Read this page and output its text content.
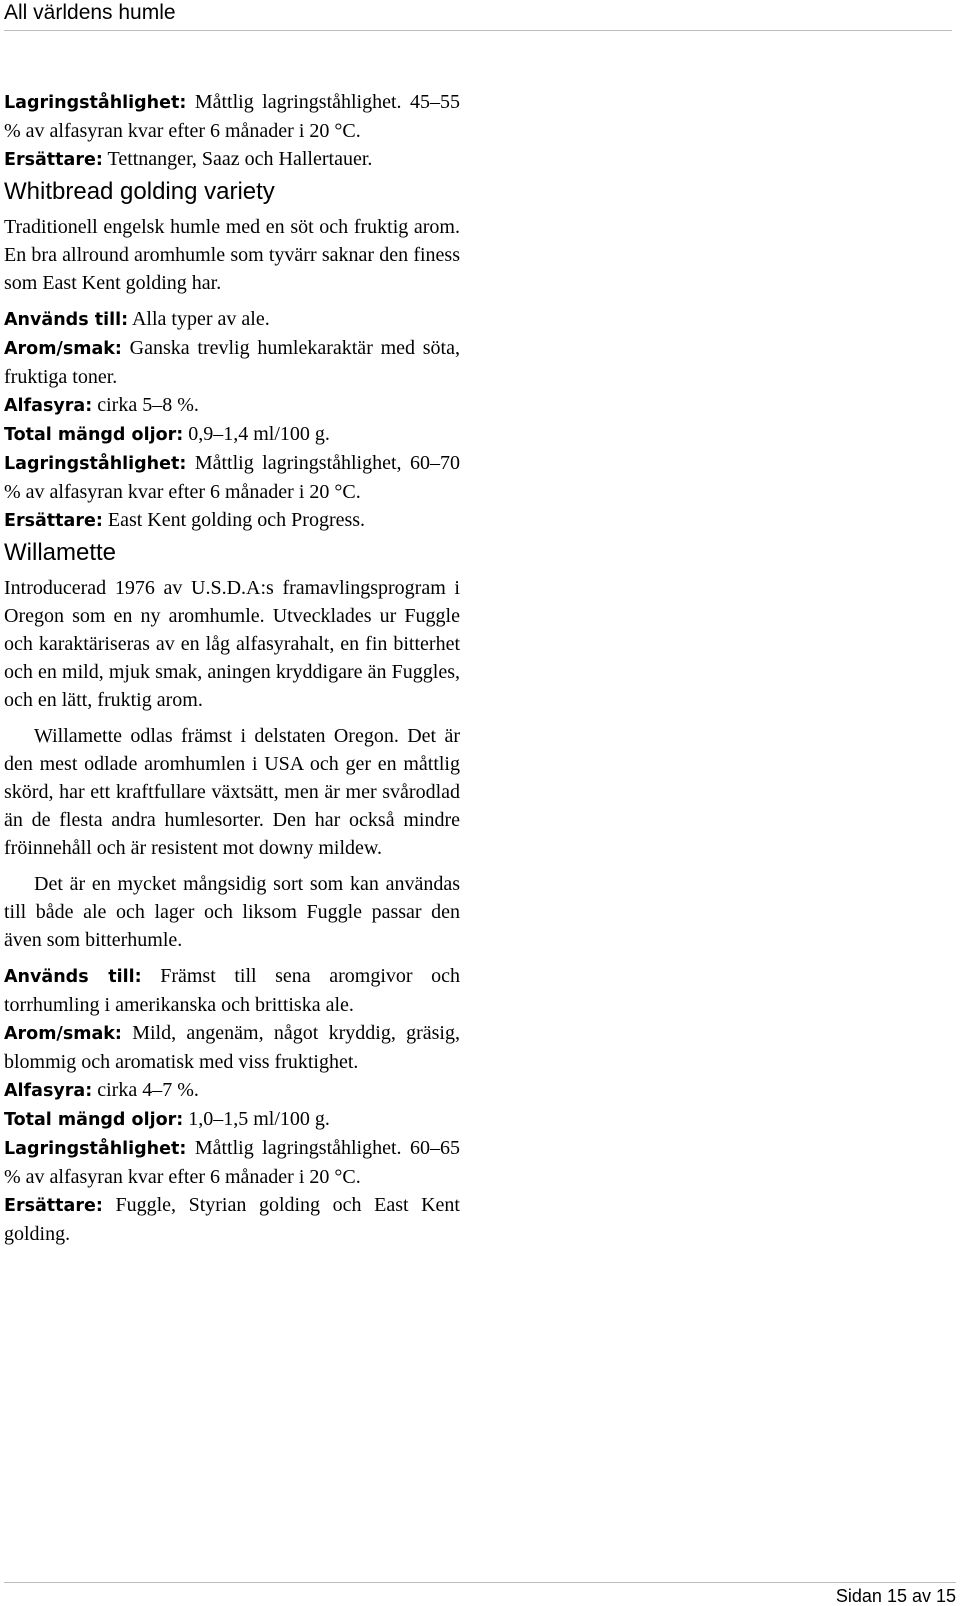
All världens humle

Lagringståhlighet: Måttlig lagringståhlighet. 45–55 % av alfasyran kvar efter 6 månader i 20 °C.

Ersättare: Tettnanger, Saaz och Hallertauer.

Whitbread golding variety

Traditionell engelsk humle med en söt och fruktig arom. En bra allround aromhumle som tyvärr saknar den finess som East Kent golding har.

Används till: Alla typer av ale.

Arom/smak: Ganska trevlig humlekaraktär med söta, fruktiga toner.

Alfasyra: cirka 5–8 %.

Total mängd oljor: 0,9–1,4 ml/100 g.

Lagringståhlighet: Måttlig lagringståhlighet, 60–70 % av alfasyran kvar efter 6 månader i 20 °C.

Ersättare: East Kent golding och Progress.

Willamette

Introducerad 1976 av U.S.D.A:s framavlingsprogram i Oregon som en ny aromhumle. Utvecklades ur Fuggle och karaktäriseras av en låg alfasyrahalt, en fin bitterhet och en mild, mjuk smak, aningen kryddigare än Fuggles, och en lätt, fruktig arom.

Willamette odlas främst i delstaten Oregon. Det är den mest odlade aromhumlen i USA och ger en måttlig skörd, har ett kraftfullare växtsätt, men är mer svårodlad än de flesta andra humlesorter. Den har också mindre fröinnehåll och är resistent mot downy mildew.

Det är en mycket mångsidig sort som kan användas till både ale och lager och liksom Fuggle passar den även som bitterhumle.

Används till: Främst till sena aromgivor och torrhumling i amerikanska och brittiska ale.

Arom/smak: Mild, angenäm, något kryddig, gräsig, blommig och aromatisk med viss fruktighet.

Alfasyra: cirka 4–7 %.

Total mängd oljor: 1,0–1,5 ml/100 g.

Lagringståhlighet: Måttlig lagringståhlighet. 60–65 % av alfasyran kvar efter 6 månader i 20 °C.

Ersättare: Fuggle, Styrian golding och East Kent golding.

Sidan 15 av 15
